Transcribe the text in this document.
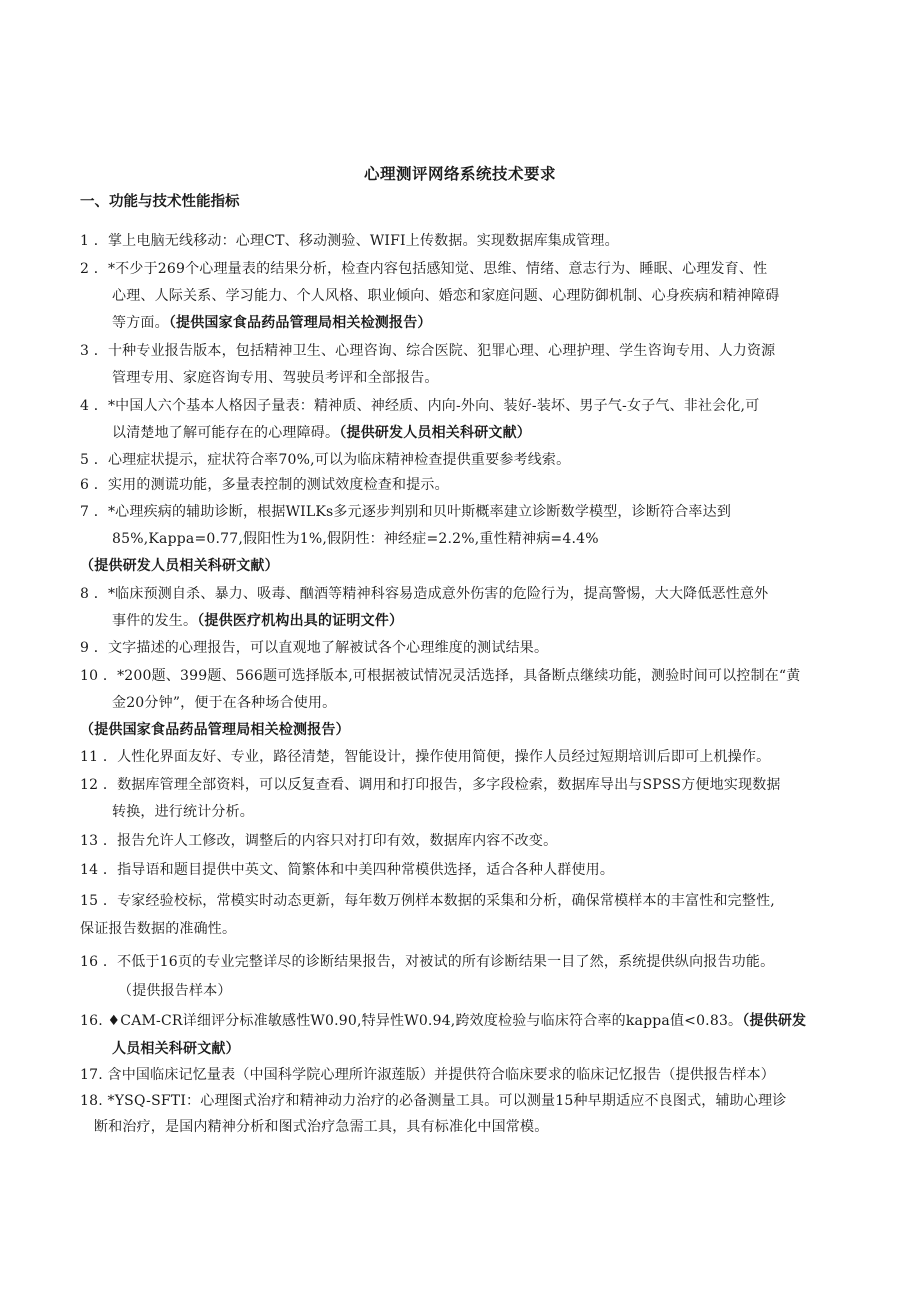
心理测评网络系统技术要求
一、功能与技术性能指标
1 ．掌上电脑无线移动：心理CT、移动测验、WIFI上传数据。实现数据库集成管理。
2 ．*不少于269个心理量表的结果分析，检查内容包括感知觉、思维、情绪、意志行为、睡眠、心理发育、性
心理、人际关系、学习能力、个人风格、职业倾向、婚恋和家庭问题、心理防御机制、心身疾病和精神障碍
等方面。（提供国家食品药品管理局相关检测报告）
3 ．十种专业报告版本，包括精神卫生、心理咨询、综合医院、犯罪心理、心理护理、学生咨询专用、人力资源
管理专用、家庭咨询专用、驾驶员考评和全部报告。
4 ．*中国人六个基本人格因子量表：精神质、神经质、内向-外向、装好-装坏、男子气-女子气、非社会化,可
以清楚地了解可能存在的心理障碍。（提供研发人员相关科研文献）
5 ．心理症状提示，症状符合率70%,可以为临床精神检查提供重要参考线索。
6 ．实用的测谎功能，多量表控制的测试效度检查和提示。
7 ．*心理疾病的辅助诊断，根据WILKs多元逐步判别和贝叶斯概率建立诊断数学模型，诊断符合率达到
85%,Kappa=0.77,假阳性为1%,假阴性：神经症=2.2%,重性精神病=4.4%
（提供研发人员相关科研文献）
8 ．*临床预测自杀、暴力、吸毒、酗酒等精神科容易造成意外伤害的危险行为，提高警惕，大大降低恶性意外
事件的发生。（提供医疗机构出具的证明文件）
9 ．文字描述的心理报告，可以直观地了解被试各个心理维度的测试结果。
10 ．*200题、399题、566题可选择版本,可根据被试情况灵活选择，具备断点继续功能，测验时间可以控制在“黄
金20分钟”，便于在各种场合使用。
（提供国家食品药品管理局相关检测报告）
11 ．人性化界面友好、专业，路径清楚，智能设计，操作使用简便，操作人员经过短期培训后即可上机操作。
12 ．数据库管理全部资料，可以反复查看、调用和打印报告，多字段检索，数据库导出与SPSS方便地实现数据
转换，进行统计分析。
13 ．报告允许人工修改，调整后的内容只对打印有效，数据库内容不改变。
14 ．指导语和题目提供中英文、简繁体和中美四种常模供选择，适合各种人群使用。
15 ．专家经验校标，常模实时动态更新，每年数万例样本数据的采集和分析，确保常模样本的丰富性和完整性,
保证报告数据的准确性。
16 ．不低于16页的专业完整详尽的诊断结果报告，对被试的所有诊断结果一目了然，系统提供纵向报告功能。
（提供报告样本）
16. ♦CAM-CR详细评分标准敏感性W0.90,特异性W0.94,跨效度检验与临床符合率的kappa值<0.83。（提供研发
人员相关科研文献）
17. 含中国临床记忆量表（中国科学院心理所许淑莲版）并提供符合临床要求的临床记忆报告（提供报告样本）
18. *YSQ-SFTI：心理图式治疗和精神动力治疗的必备测量工具。可以测量15种早期适应不良图式，辅助心理诊
断和治疗，是国内精神分析和图式治疗急需工具，具有标准化中国常模。
